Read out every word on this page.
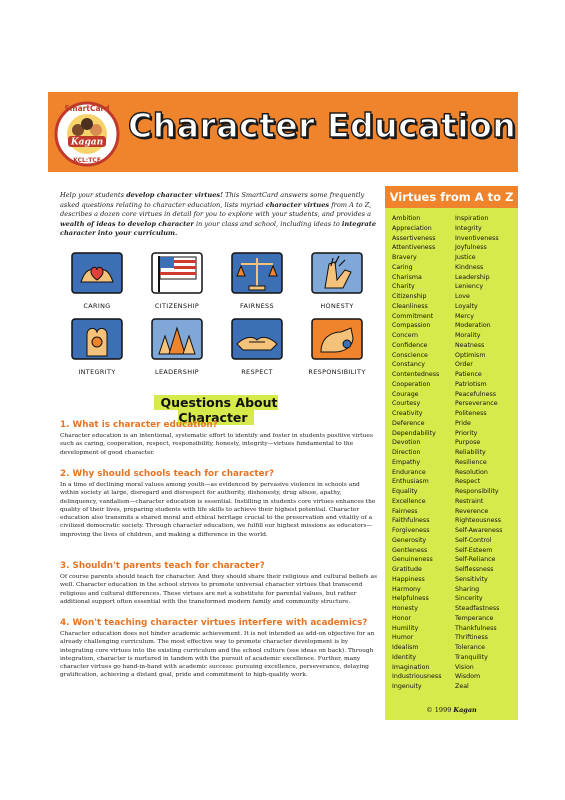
Kagan
SmartCard
KCL:TCE
Character Education
Help your students develop character virtues! This SmartCard answers some frequently asked questions relating to character education, lists myriad character virtues from A to Z, describes a dozen core virtues in detail for you to explore with your students, and provides a wealth of ideas to develop character in your class and school, including ideas to integrate character into your curriculum.
CARING	CITIZENSHIP	FAIRNESS	HONESTY
INTEGRITY	LEADERSHIP	RESPECT	RESPONSIBILITY
Questions About Character

1. What is character education?

Character education is an intentional, systematic effort to identify and foster in students positive virtues such as caring, cooperation, respect, responsibility, honesty, integrity—virtues fundamental to the development of good character.

2. Why should schools teach for character?

In a time of declining moral values among youth—as evidenced by pervasive violence in schools and within society at large, disregard and disrespect for authority, dishonesty, drug abuse, apathy, delinquency, vandalism—character education is essential. Instilling in students core virtues enhances the quality of their lives, preparing students with life skills to achieve their highest potential. Character education also transmits a shared moral and ethical heritage crucial to the preservation and vitality of a civilized democratic society. Through character education, we fulfill our highest missions as educators—improving the lives of children, and making a difference in the world.

3. Shouldn't parents teach for character?

Of course parents should teach for character. And they should share their religious and cultural beliefs as well. Character education in the school strives to promote universal character virtues that transcend religious and cultural differences. These virtues are not a substitute for parental values, but rather additional support often essential with the transformed modern family and community structure.

4. Won't teaching character virtues interfere with academics?

Character education does not hinder academic achievement. It is not intended as add-on objective for an already challenging curriculum. The most effective way to promote character development is by integrating core virtues into the existing curriculum and the school culture (see ideas on back). Through integration, character is nurtured in tandem with the pursuit of academic excellence. Further, many character virtues go hand-in-hand with academic success: pursuing excellence, perseverance, delaying gratification, achieving a distant goal, pride and commitment to high-quality work.

Virtues from A to Z
Ambition
Appreciation
Assertiveness
Attentiveness
Bravery
Caring
Charisma
Charity
Citizenship
Cleanliness
Commitment
Compassion
Concern
Confidence
Conscience
Constancy
Contentedness
Cooperation
Courage
Courtesy
Creativity
Deference
Dependability
Devotion
Direction
Empathy
Endurance
Enthusiasm
Equality
Excellence
Fairness
Faithfulness
Forgiveness
Generosity
Gentleness
Genuineness
Gratitude
Happiness
Harmony
Helpfulness
Honesty
Honor
Humility
Humor
Idealism
Identity
Imagination
Industriousness
Ingenuity
Inspiration
Integrity
Inventiveness
Joyfulness
Justice
Kindness
Leadership
Leniency
Love
Loyalty
Mercy
Moderation
Morality
Neatness
Optimism
Order
Patience
Patriotism
Peacefulness
Perseverance
Politeness
Pride
Priority
Purpose
Reliability
Resilience
Resolution
Respect
Responsibility
Restraint
Reverence
Righteousness
Self-Awareness
Self-Control
Self-Esteem
Self-Reliance
Selflessness
Sensitivity
Sharing
Sincerity
Steadfastness
Temperance
Thankfulness
Thriftiness
Tolerance
Tranquility
Vision
Wisdom
Zeal
© 1999 Kagan
